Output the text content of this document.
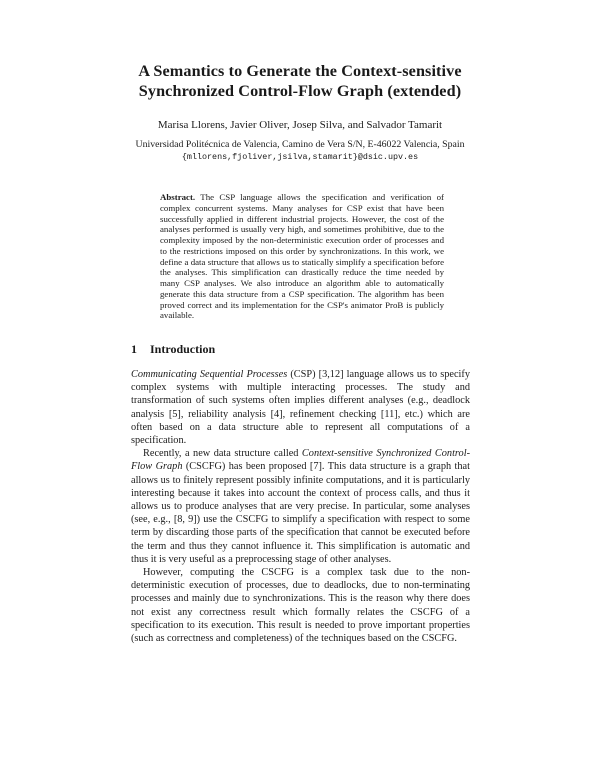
A Semantics to Generate the Context-sensitive
Synchronized Control-Flow Graph (extended)
Marisa Llorens, Javier Oliver, Josep Silva, and Salvador Tamarit
Universidad Politécnica de Valencia, Camino de Vera S/N, E-46022 Valencia, Spain
{mllorens,fjoliver,jsilva,stamarit}@dsic.upv.es
Abstract. The CSP language allows the specification and verification of complex concurrent systems. Many analyses for CSP exist that have been successfully applied in different industrial projects. However, the cost of the analyses performed is usually very high, and sometimes prohibitive, due to the complexity imposed by the non-deterministic execution order of processes and to the restrictions imposed on this order by synchronizations. In this work, we define a data structure that allows us to statically simplify a specification before the analyses. This simplification can drastically reduce the time needed by many CSP analyses. We also introduce an algorithm able to automatically generate this data structure from a CSP specification. The algorithm has been proved correct and its implementation for the CSP's animator ProB is publicly available.
1 Introduction

Communicating Sequential Processes (CSP) [3,12] language allows us to specify complex systems with multiple interacting processes. The study and transformation of such systems often implies different analyses (e.g., deadlock analysis [5], reliability analysis [4], refinement checking [11], etc.) which are often based on a data structure able to represent all computations of a specification.

Recently, a new data structure called Context-sensitive Synchronized Control-Flow Graph (CSCFG) has been proposed [7]. This data structure is a graph that allows us to finitely represent possibly infinite computations, and it is particularly interesting because it takes into account the context of process calls, and thus it allows us to produce analyses that are very precise. In particular, some analyses (see, e.g., [8, 9]) use the CSCFG to simplify a specification with respect to some term by discarding those parts of the specification that cannot be executed before the term and thus they cannot influence it. This simplification is automatic and thus it is very useful as a preprocessing stage of other analyses.

However, computing the CSCFG is a complex task due to the non-deterministic execution of processes, due to deadlocks, due to non-terminating processes and mainly due to synchronizations. This is the reason why there does not exist any correctness result which formally relates the CSCFG of a specification to its execution. This result is needed to prove important properties (such as correctness and completeness) of the techniques based on the CSCFG.
